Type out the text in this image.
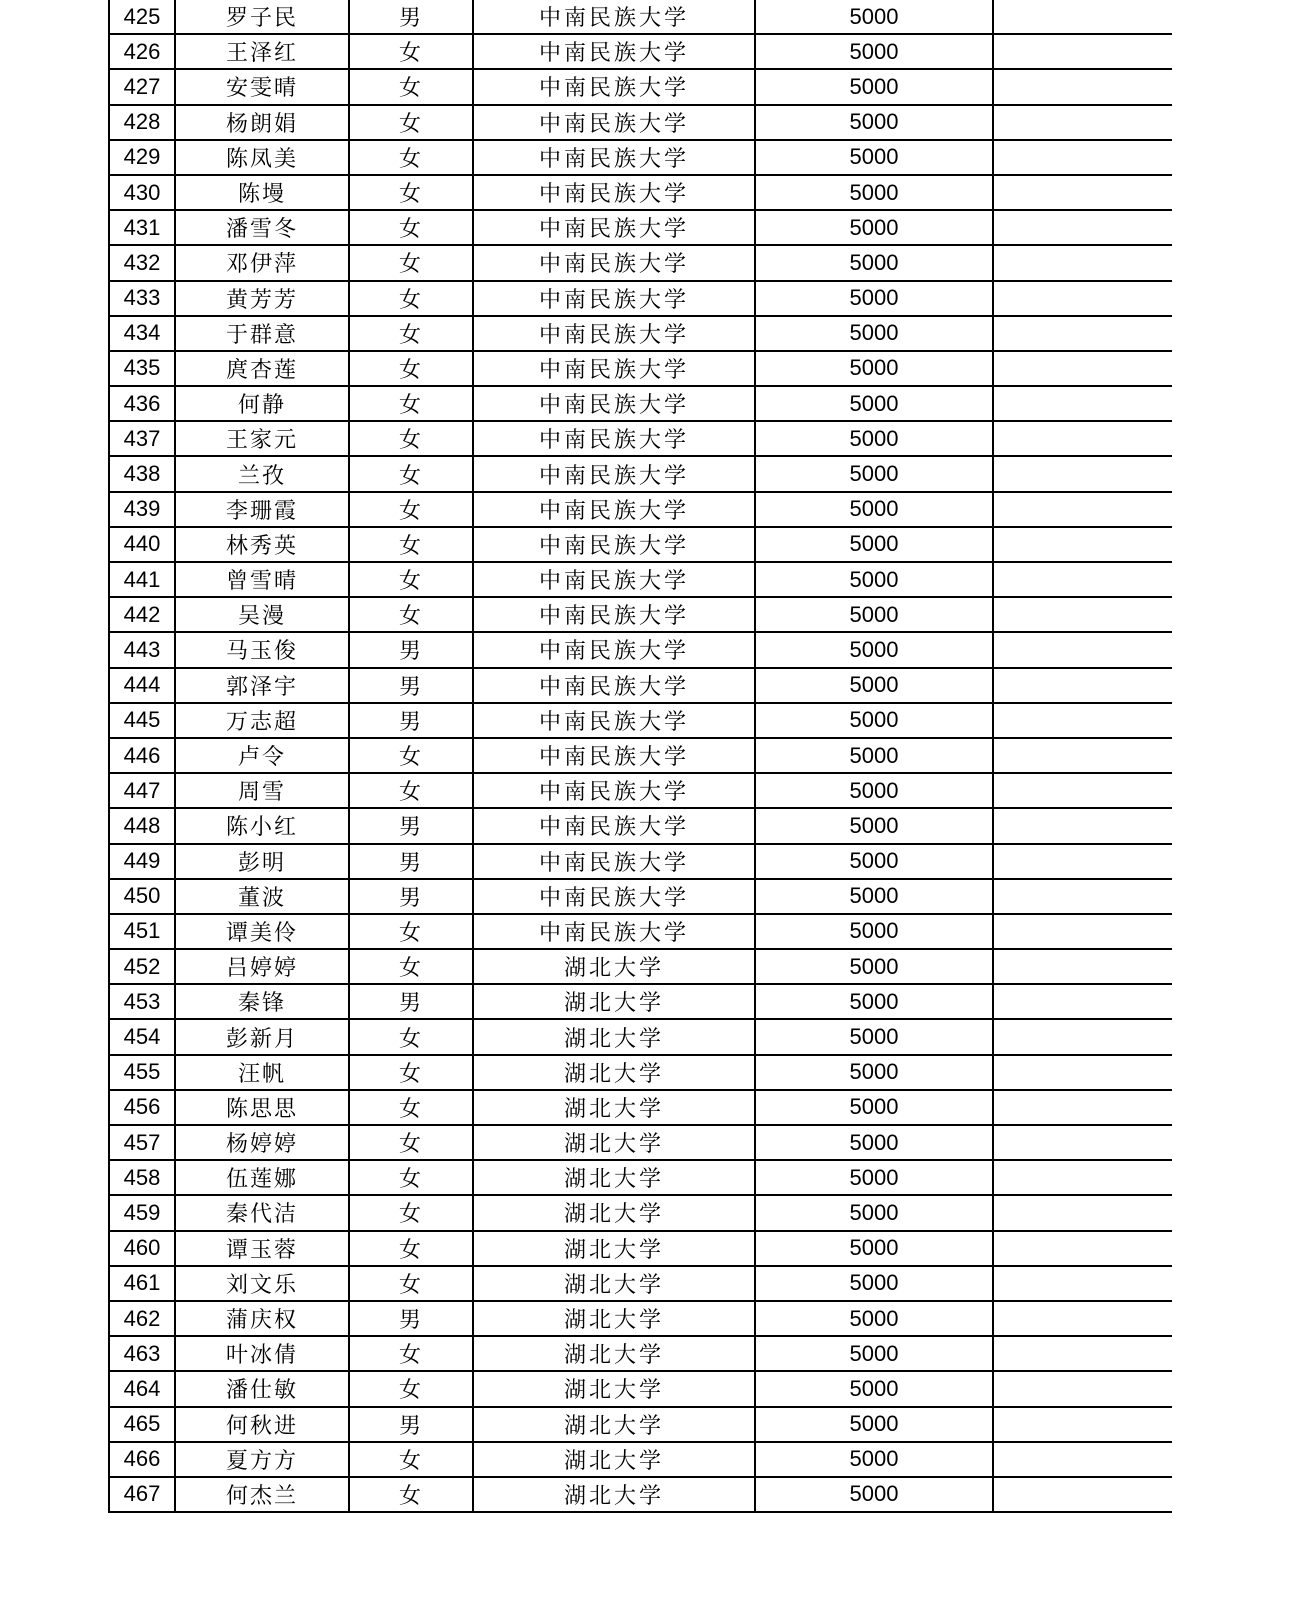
425	罗子民	男	中南民族大学	5000	
426	王泽红	女	中南民族大学	5000	
427	安雯晴	女	中南民族大学	5000	
428	杨朗娟	女	中南民族大学	5000	
429	陈凤美	女	中南民族大学	5000	
430	陈墁	女	中南民族大学	5000	
431	潘雪冬	女	中南民族大学	5000	
432	邓伊萍	女	中南民族大学	5000	
433	黄芳芳	女	中南民族大学	5000	
434	于群意	女	中南民族大学	5000	
435	庹杏莲	女	中南民族大学	5000	
436	何静	女	中南民族大学	5000	
437	王家元	女	中南民族大学	5000	
438	兰孜	女	中南民族大学	5000	
439	李珊霞	女	中南民族大学	5000	
440	林秀英	女	中南民族大学	5000	
441	曾雪晴	女	中南民族大学	5000	
442	吴漫	女	中南民族大学	5000	
443	马玉俊	男	中南民族大学	5000	
444	郭泽宇	男	中南民族大学	5000	
445	万志超	男	中南民族大学	5000	
446	卢令	女	中南民族大学	5000	
447	周雪	女	中南民族大学	5000	
448	陈小红	男	中南民族大学	5000	
449	彭明	男	中南民族大学	5000	
450	董波	男	中南民族大学	5000	
451	谭美伶	女	中南民族大学	5000	
452	吕婷婷	女	湖北大学	5000	
453	秦锋	男	湖北大学	5000	
454	彭新月	女	湖北大学	5000	
455	汪帆	女	湖北大学	5000	
456	陈思思	女	湖北大学	5000	
457	杨婷婷	女	湖北大学	5000	
458	伍莲娜	女	湖北大学	5000	
459	秦代洁	女	湖北大学	5000	
460	谭玉蓉	女	湖北大学	5000	
461	刘文乐	女	湖北大学	5000	
462	蒲庆权	男	湖北大学	5000	
463	叶冰倩	女	湖北大学	5000	
464	潘仕敏	女	湖北大学	5000	
465	何秋进	男	湖北大学	5000	
466	夏方方	女	湖北大学	5000	
467	何杰兰	女	湖北大学	5000	
